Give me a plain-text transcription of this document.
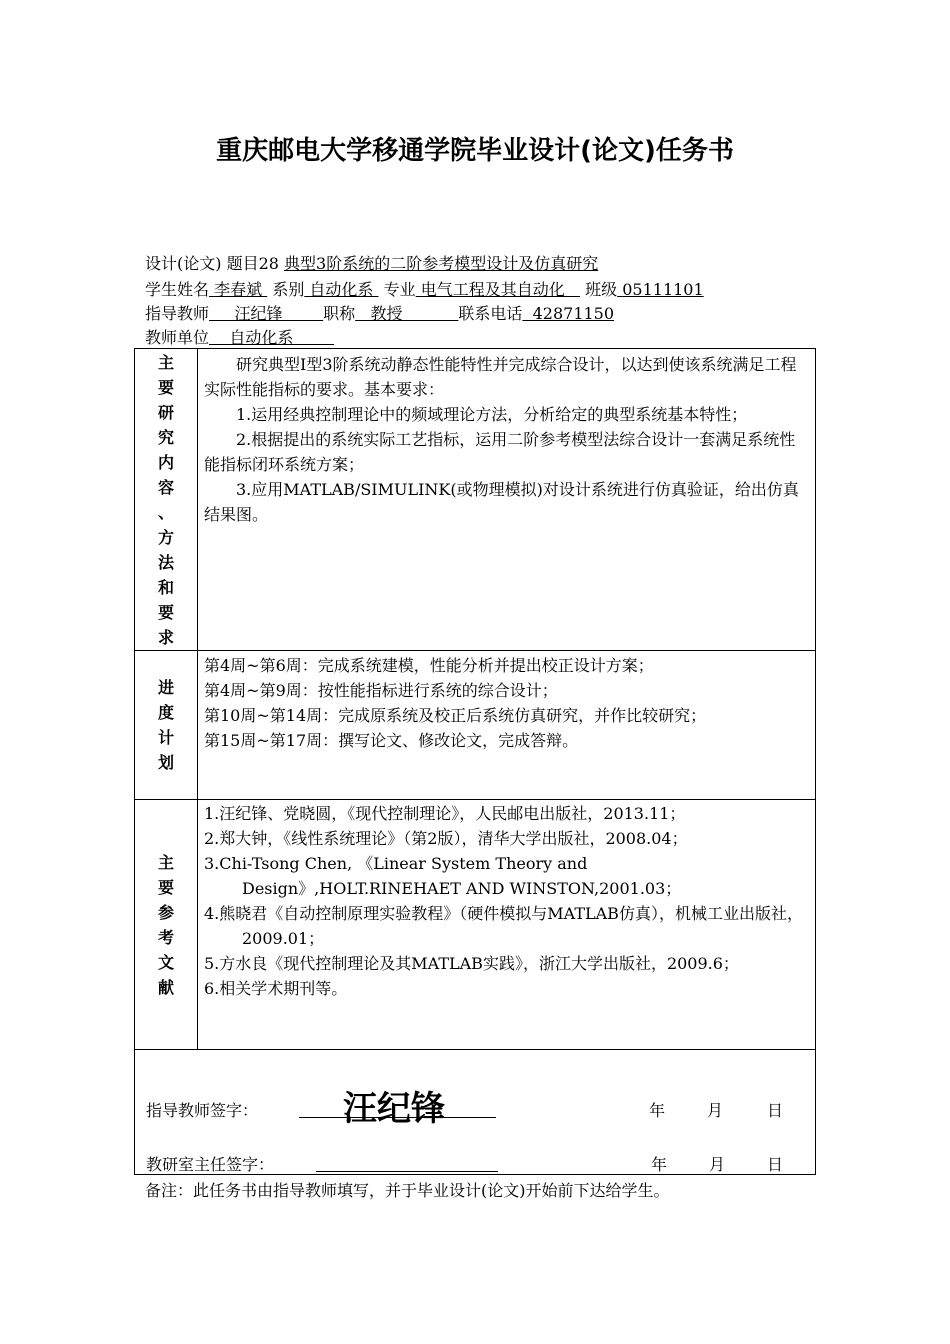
重庆邮电大学移通学院毕业设计(论文)任务书
设计(论文) 题目28 典型3阶系统的二阶参考模型设计及仿真研究
学生姓名 李春斌 系别 自动化系 专业 电气工程及其自动化 班级 05111101
指导教师 汪纪锋	职称 教授	联系电话 42871150
教师单位 自动化系
主
要
研
究
内
容
、
方
法
和
要
求

研究典型Ⅰ型3阶系统动静态性能特性并完成综合设计，以达到使该系统满足工程实际性能指标的要求。基本要求：

1.运用经典控制理论中的频域理论方法，分析给定的典型系统基本特性；

2.根据提出的系统实际工艺指标，运用二阶参考模型法综合设计一套满足系统性能指标闭环系统方案；

3.应用MATLAB/SIMULINK(或物理模拟)对设计系统进行仿真验证，给出仿真结果图。

进
度
计
划

第4周~第6周：完成系统建模，性能分析并提出校正设计方案；

第4周~第9周：按性能指标进行系统的综合设计；

第10周~第14周：完成原系统及校正后系统仿真研究，并作比较研究；

第15周~第17周：撰写论文、修改论文，完成答辩。

主
要
参
考
文
献

1.汪纪锋、党晓圆，《现代控制理论》，人民邮电出版社，2013.11；

2.郑大钟，《线性系统理论》（第2版），清华大学出版社，2008.04；

3.Chi-Tsong Chen, 《Linear System Theory and Design》,HOLT.RINEHAET AND WINSTON,2001.03；

4.熊晓君《自动控制原理实验教程》（硬件模拟与MATLAB仿真），机械工业出版社，2009.01；

5.方水良《现代控制理论及其MATLAB实践》，浙江大学出版社，2009.6；

6.相关学术期刊等。

指导教师签字： 汪纪锋	年	月	日
教研室主任签字：	年	月	日
备注：此任务书由指导教师填写，并于毕业设计(论文)开始前下达给学生。
